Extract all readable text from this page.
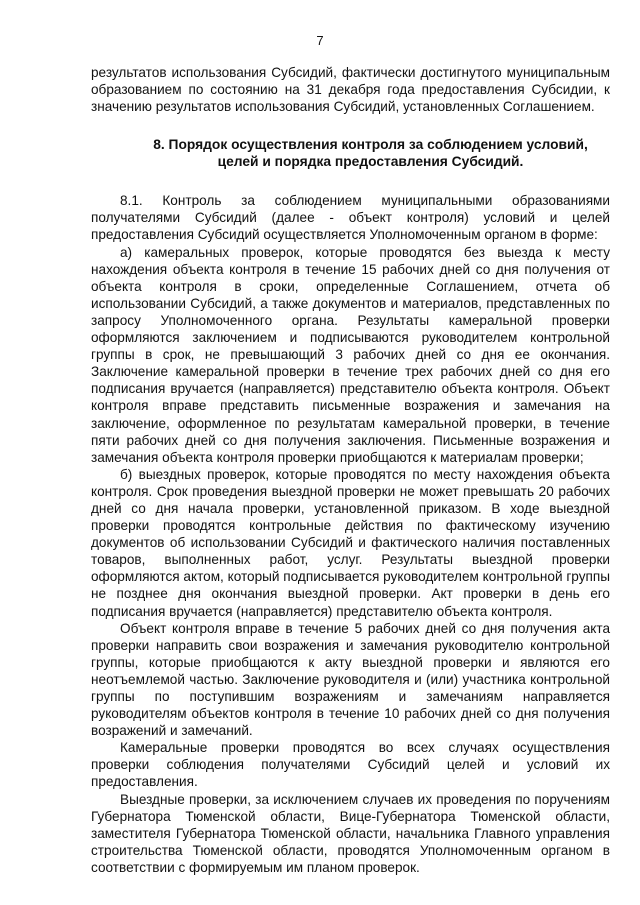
7

результатов использования Субсидий, фактически достигнутого муниципальным образованием по состоянию на 31 декабря года предоставления Субсидии, к значению результатов использования Субсидий, установленных Соглашением.

8. Порядок осуществления контроля за соблюдением условий, целей и порядка предоставления Субсидий.

8.1. Контроль за соблюдением муниципальными образованиями получателями Субсидий (далее - объект контроля) условий и целей предоставления Субсидий осуществляется Уполномоченным органом в форме:

а) камеральных проверок, которые проводятся без выезда к месту нахождения объекта контроля в течение 15 рабочих дней со дня получения от объекта контроля в сроки, определенные Соглашением, отчета об использовании Субсидий, а также документов и материалов, представленных по запросу Уполномоченного органа. Результаты камеральной проверки оформляются заключением и подписываются руководителем контрольной группы в срок, не превышающий 3 рабочих дней со дня ее окончания. Заключение камеральной проверки в течение трех рабочих дней со дня его подписания вручается (направляется) представителю объекта контроля. Объект контроля вправе представить письменные возражения и замечания на заключение, оформленное по результатам камеральной проверки, в течение пяти рабочих дней со дня получения заключения. Письменные возражения и замечания объекта контроля проверки приобщаются к материалам проверки;

б) выездных проверок, которые проводятся по месту нахождения объекта контроля. Срок проведения выездной проверки не может превышать 20 рабочих дней со дня начала проверки, установленной приказом. В ходе выездной проверки проводятся контрольные действия по фактическому изучению документов об использовании Субсидий и фактического наличия поставленных товаров, выполненных работ, услуг. Результаты выездной проверки оформляются актом, который подписывается руководителем контрольной группы не позднее дня окончания выездной проверки. Акт проверки в день его подписания вручается (направляется) представителю объекта контроля.

Объект контроля вправе в течение 5 рабочих дней со дня получения акта проверки направить свои возражения и замечания руководителю контрольной группы, которые приобщаются к акту выездной проверки и являются его неотъемлемой частью. Заключение руководителя и (или) участника контрольной группы по поступившим возражениям и замечаниям направляется руководителям объектов контроля в течение 10 рабочих дней со дня получения возражений и замечаний.

Камеральные проверки проводятся во всех случаях осуществления проверки соблюдения получателями Субсидий целей и условий их предоставления.

Выездные проверки, за исключением случаев их проведения по поручениям Губернатора Тюменской области, Вице-Губернатора Тюменской области, заместителя Губернатора Тюменской области, начальника Главного управления строительства Тюменской области, проводятся Уполномоченным органом в соответствии с формируемым им планом проверок.
